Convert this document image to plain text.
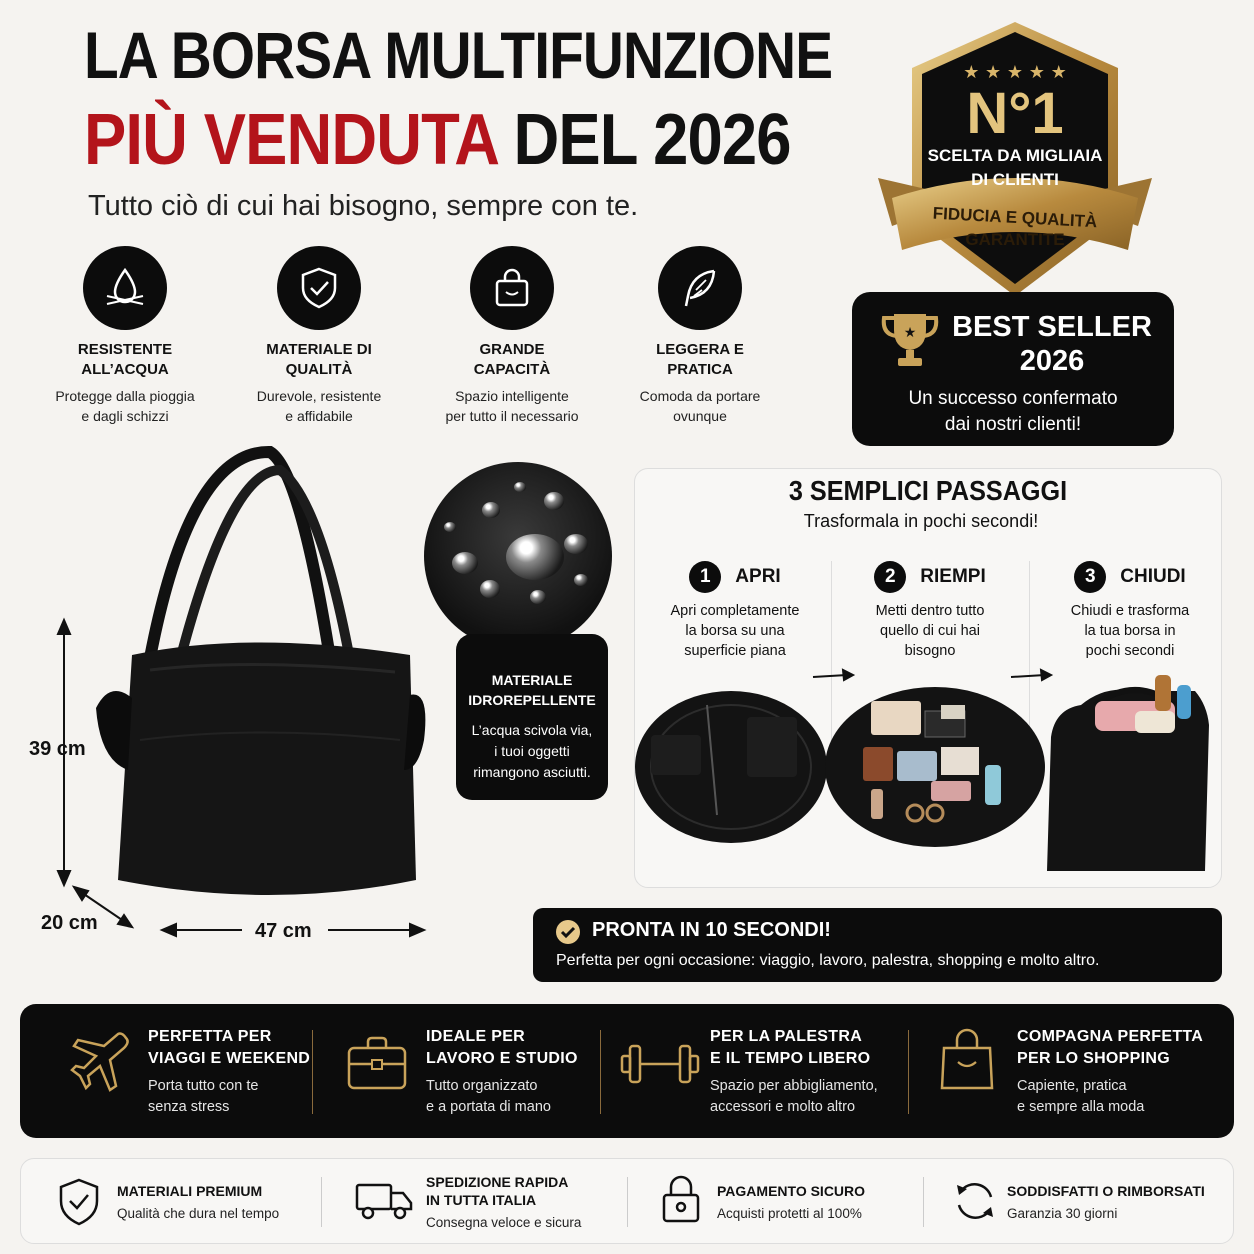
LA BORSA MULTIFUNZIONE
PIÙ VENDUTA DEL 2026
Tutto ciò di cui hai bisogno, sempre con te.
★ ★ ★ ★ ★
N°1
SCELTA DA MIGLIAIA
DI CLIENTI
FIDUCIA E QUALITÀ
GARANTITE
★ BEST SELLER
2026
Un successo confermato
dai nostri clienti!
RESISTENTE
ALL’ACQUA
Protegge dalla pioggia
e dagli schizzi
MATERIALE DI
QUALITÀ
Durevole, resistente
e affidabile
GRANDE
CAPACITÀ
Spazio intelligente
per tutto il necessario
LEGGERA E
PRATICA
Comoda da portare
ovunque
39 cm
20 cm	47 cm
MATERIALE
IDROREPELLENTE
L’acqua scivola via,
i tuoi oggetti
rimangono asciutti.
3 SEMPLICI PASSAGGI
Trasformala in pochi secondi!
1	APRI
Apri completamente
la borsa su una
superficie piana
2	RIEMPI
Metti dentro tutto
quello di cui hai
bisogno
3	CHIUDI
Chiudi e trasforma
la tua borsa in
pochi secondi
PRONTA IN 10 SECONDI!
Perfetta per ogni occasione: viaggio, lavoro, palestra, shopping e molto altro.
PERFETTA PER
VIAGGI E WEEKEND
Porta tutto con te
senza stress
IDEALE PER
LAVORO E STUDIO
Tutto organizzato
e a portata di mano
PER LA PALESTRA
E IL TEMPO LIBERO
Spazio per abbigliamento,
accessori e molto altro
COMPAGNA PERFETTA
PER LO SHOPPING
Capiente, pratica
e sempre alla moda
MATERIALI PREMIUM
Qualità che dura nel tempo
SPEDIZIONE RAPIDA
IN TUTTA ITALIA
Consegna veloce e sicura
PAGAMENTO SICURO
Acquisti protetti al 100%
SODDISFATTI O RIMBORSATI
Garanzia 30 giorni
